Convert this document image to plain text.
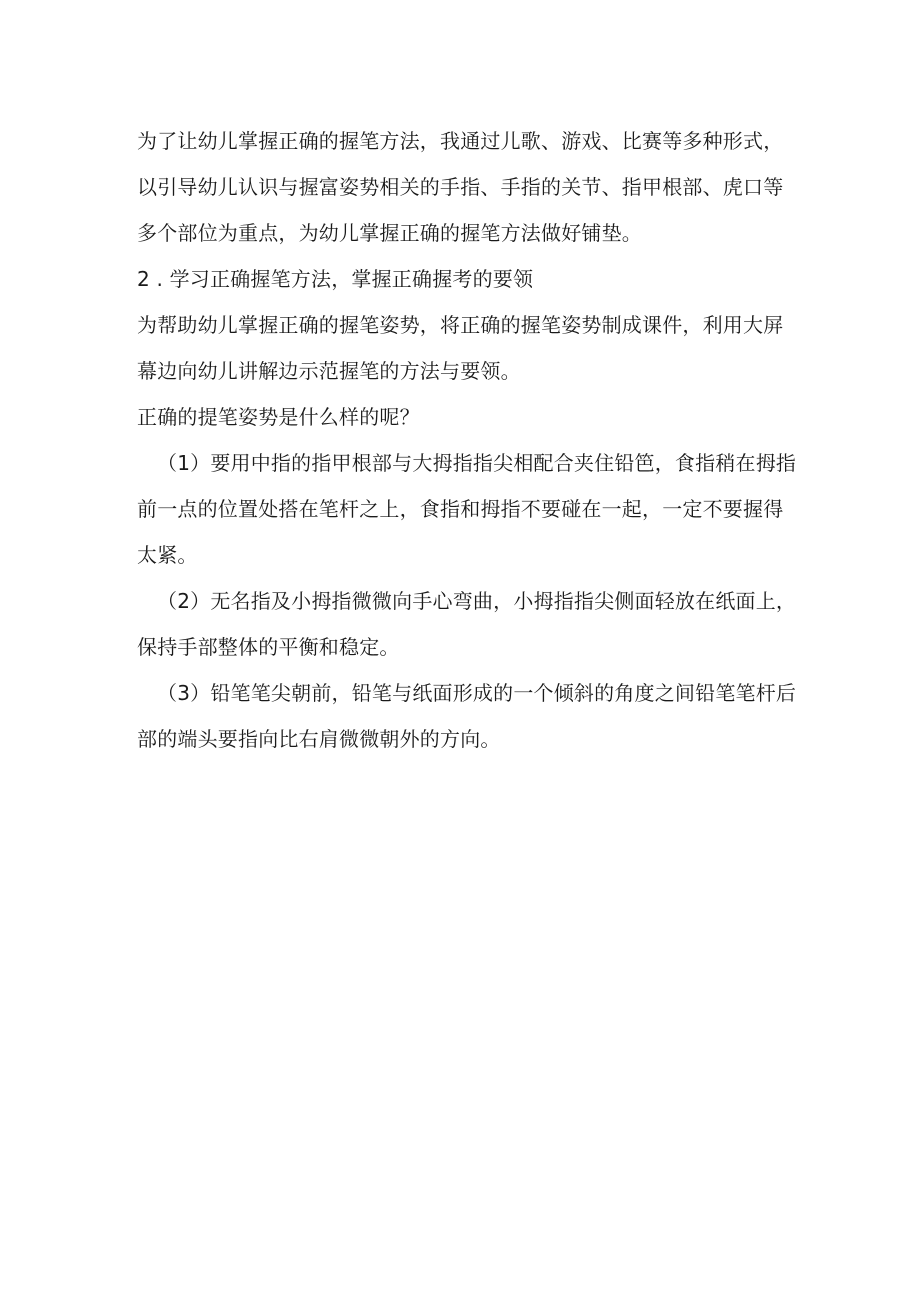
为了让幼儿掌握正确的握笔方法，我通过儿歌、游戏、比赛等多种形式，
以引导幼儿认识与握富姿势相关的手指、手指的关节、指甲根部、虎口等
多个部位为重点，为幼儿掌握正确的握笔方法做好铺垫。

2 . 学习正确握笔方法，掌握正确握考的要领

为帮助幼儿掌握正确的握笔姿势，将正确的握笔姿势制成课件，利用大屏
幕边向幼儿讲解边示范握笔的方法与要领。

正确的提笔姿势是什么样的呢？

（1）要用中指的指甲根部与大拇指指尖相配合夹住铅笆，食指稍在拇指
前一点的位置处搭在笔杆之上，食指和拇指不要碰在一起，一定不要握得
太紧。

（2）无名指及小拇指微微向手心弯曲，小拇指指尖侧面轻放在纸面上，
保持手部整体的平衡和稳定。

（3）铅笔笔尖朝前，铅笔与纸面形成的一个倾斜的角度之间铅笔笔杆后
部的端头要指向比右肩微微朝外的方向。
